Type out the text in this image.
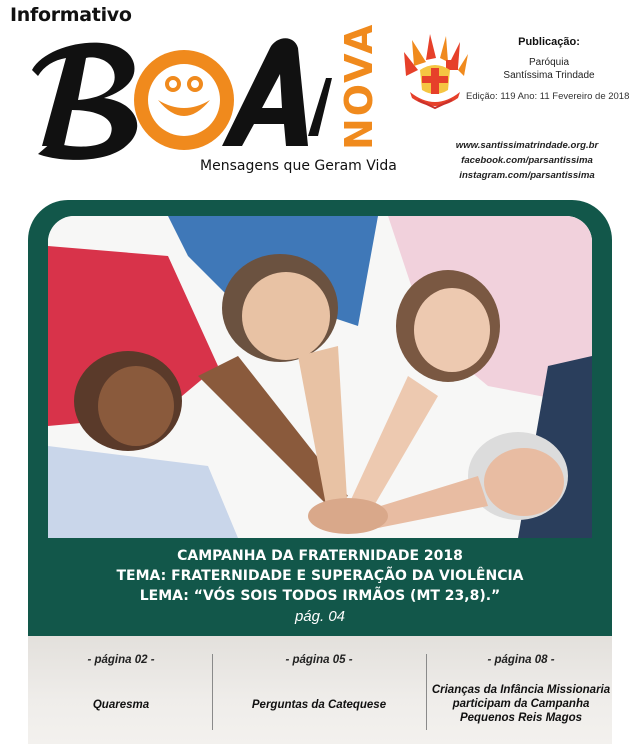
Informativo
NOVA
Mensagens que Geram Vida
Publicação:
Paróquia
Santíssima Trindade
Edição: 119 Ano: 11 Fevereiro de 2018
www.santissimatrindade.org.br
facebook.com/parsantissima
instagram.com/parsantissima
CAMPANHA DA FRATERNIDADE 2018
TEMA: FRATERNIDADE E SUPERAÇÃO DA VIOLÊNCIA
LEMA: “VÓS SOIS TODOS IRMÃOS (MT 23,8).”
pág. 04
- página 02 -
Quaresma
- página 05 -
Perguntas da Catequese
- página 08 -
Crianças da Infância Missionaria participam da Campanha Pequenos Reis Magos
